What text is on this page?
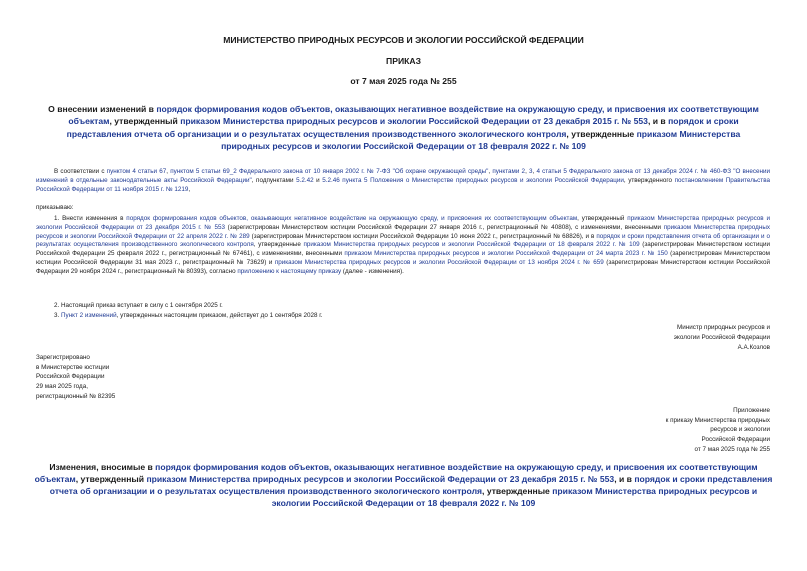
МИНИСТЕРСТВО ПРИРОДНЫХ РЕСУРСОВ И ЭКОЛОГИИ РОССИЙСКОЙ ФЕДЕРАЦИИ
ПРИКАЗ
от 7 мая 2025 года № 255
О внесении изменений в порядок формирования кодов объектов, оказывающих негативное воздействие на окружающую среду, и присвоения их соответствующим объектам, утвержденный приказом Министерства природных ресурсов и экологии Российской Федерации от 23 декабря 2015 г. № 553, и в порядок и сроки представления отчета об организации и о результатах осуществления производственного экологического контроля, утвержденные приказом Министерства природных ресурсов и экологии Российской Федерации от 18 февраля 2022 г. № 109
В соответствии с пунктом 4 статьи 67, пунктом 5 статьи 69_2 Федерального закона от 10 января 2002 г. № 7-ФЗ "Об охране окружающей среды", пунктами 2, 3, 4 статьи 5 Федерального закона от 13 декабря 2024 г. № 460-ФЗ "О внесении изменений в отдельные законодательные акты Российской Федерации", подпунктами 5.2.42 и 5.2.46 пункта 5 Положения о Министерстве природных ресурсов и экологии Российской Федерации, утвержденного постановлением Правительства Российской Федерации от 11 ноября 2015 г. № 1219,
приказываю:
1. Внести изменения в порядок формирования кодов объектов, оказывающих негативное воздействие на окружающую среду, и присвоения их соответствующим объектам, утвержденный приказом Министерства природных ресурсов и экологии Российской Федерации от 23 декабря 2015 г. № 553 (зарегистрирован Министерством юстиции Российской Федерации 27 января 2016 г., регистрационный № 40808), с изменениями, внесенными приказом Министерства природных ресурсов и экологии Российской Федерации от 22 апреля 2022 г. № 289 (зарегистрирован Министерством юстиции Российской Федерации 10 июня 2022 г., регистрационный № 68826), и в порядок и сроки представления отчета об организации и о результатах осуществления производственного экологического контроля, утвержденные приказом Министерства природных ресурсов и экологии Российской Федерации от 18 февраля 2022 г. № 109 (зарегистрирован Министерством юстиции Российской Федерации 25 февраля 2022 г., регистрационный № 67461), с изменениями, внесенными приказом Министерства природных ресурсов и экологии Российской Федерации от 24 марта 2023 г. № 150 (зарегистрирован Министерством юстиции Российской Федерации 31 мая 2023 г., регистрационный № 73629) и приказом Министерства природных ресурсов и экологии Российской Федерации от 13 ноября 2024 г. № 659 (зарегистрирован Министерством юстиции Российской Федерации 29 ноября 2024 г., регистрационный № 80393), согласно приложению к настоящему приказу (далее - изменения).
2. Настоящий приказ вступает в силу с 1 сентября 2025 г.
3. Пункт 2 изменений, утвержденных настоящим приказом, действует до 1 сентября 2028 г.
Министр природных ресурсов и
экологии Российской Федерации
А.А.Козлов
Зарегистрировано
в Министерстве юстиции
Российской Федерации
29 мая 2025 года,
регистрационный № 82395
Приложение
к приказу Министерства природных
ресурсов и экологии
Российской Федерации
от 7 мая 2025 года № 255
Изменения, вносимые в порядок формирования кодов объектов, оказывающих негативное воздействие на окружающую среду, и присвоения их соответствующим объектам, утвержденный приказом Министерства природных ресурсов и экологии Российской Федерации от 23 декабря 2015 г. № 553, и в порядок и сроки представления отчета об организации и о результатах осуществления производственного экологического контроля, утвержденные приказом Министерства природных ресурсов и экологии Российской Федерации от 18 февраля 2022 г. № 109
